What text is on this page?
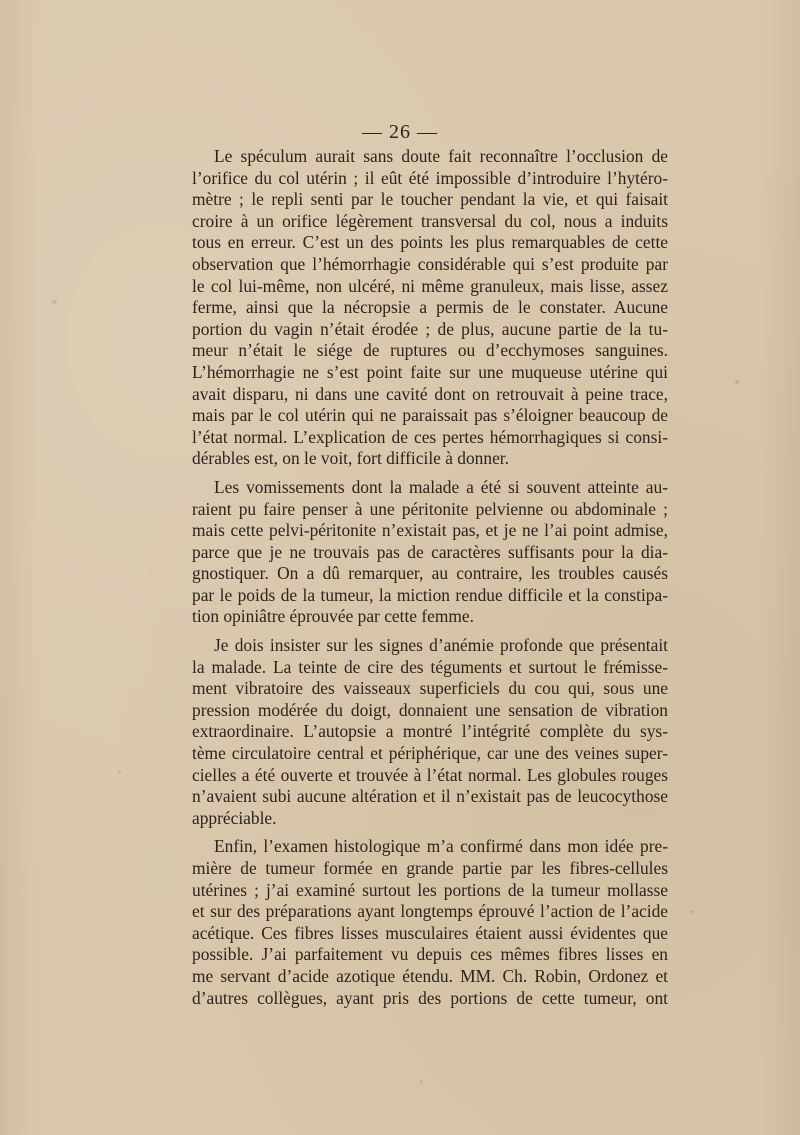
— 26 —

Le spéculum aurait sans doute fait reconnaître l’occlusion de
l’orifice du col utérin ; il eût été impossible d’introduire l’hytéro-
mètre ; le repli senti par le toucher pendant la vie, et qui faisait
croire à un orifice légèrement transversal du col, nous a induits
tous en erreur. C’est un des points les plus remarquables de cette
observation que l’hémorrhagie considérable qui s’est produite par
le col lui-même, non ulcéré, ni même granuleux, mais lisse, assez
ferme, ainsi que la nécropsie a permis de le constater. Aucune
portion du vagin n’était érodée ; de plus, aucune partie de la tu-
meur n’était le siége de ruptures ou d’ecchymoses sanguines.
L’hémorrhagie ne s’est point faite sur une muqueuse utérine qui
avait disparu, ni dans une cavité dont on retrouvait à peine trace,
mais par le col utérin qui ne paraissait pas s’éloigner beaucoup de
l’état normal. L’explication de ces pertes hémorrhagiques si consi-
dérables est, on le voit, fort difficile à donner.

Les vomissements dont la malade a été si souvent atteinte au-
raient pu faire penser à une péritonite pelvienne ou abdominale ;
mais cette pelvi-péritonite n’existait pas, et je ne l’ai point admise,
parce que je ne trouvais pas de caractères suffisants pour la dia-
gnostiquer. On a dû remarquer, au contraire, les troubles causés
par le poids de la tumeur, la miction rendue difficile et la constipa-
tion opiniâtre éprouvée par cette femme.

Je dois insister sur les signes d’anémie profonde que présentait
la malade. La teinte de cire des téguments et surtout le frémisse-
ment vibratoire des vaisseaux superficiels du cou qui, sous une
pression modérée du doigt, donnaient une sensation de vibration
extraordinaire. L’autopsie a montré l’intégrité complète du sys-
tème circulatoire central et périphérique, car une des veines super-
cielles a été ouverte et trouvée à l’état normal. Les globules rouges
n’avaient subi aucune altération et il n’existait pas de leucocythose
appréciable.

Enfin, l’examen histologique m’a confirmé dans mon idée pre-
mière de tumeur formée en grande partie par les fibres-cellules
utérines ; j’ai examiné surtout les portions de la tumeur mollasse
et sur des préparations ayant longtemps éprouvé l’action de l’acide
acétique. Ces fibres lisses musculaires étaient aussi évidentes que
possible. J’ai parfaitement vu depuis ces mêmes fibres lisses en
me servant d’acide azotique étendu. MM. Ch. Robin, Ordonez et
d’autres collègues, ayant pris des portions de cette tumeur, ont
